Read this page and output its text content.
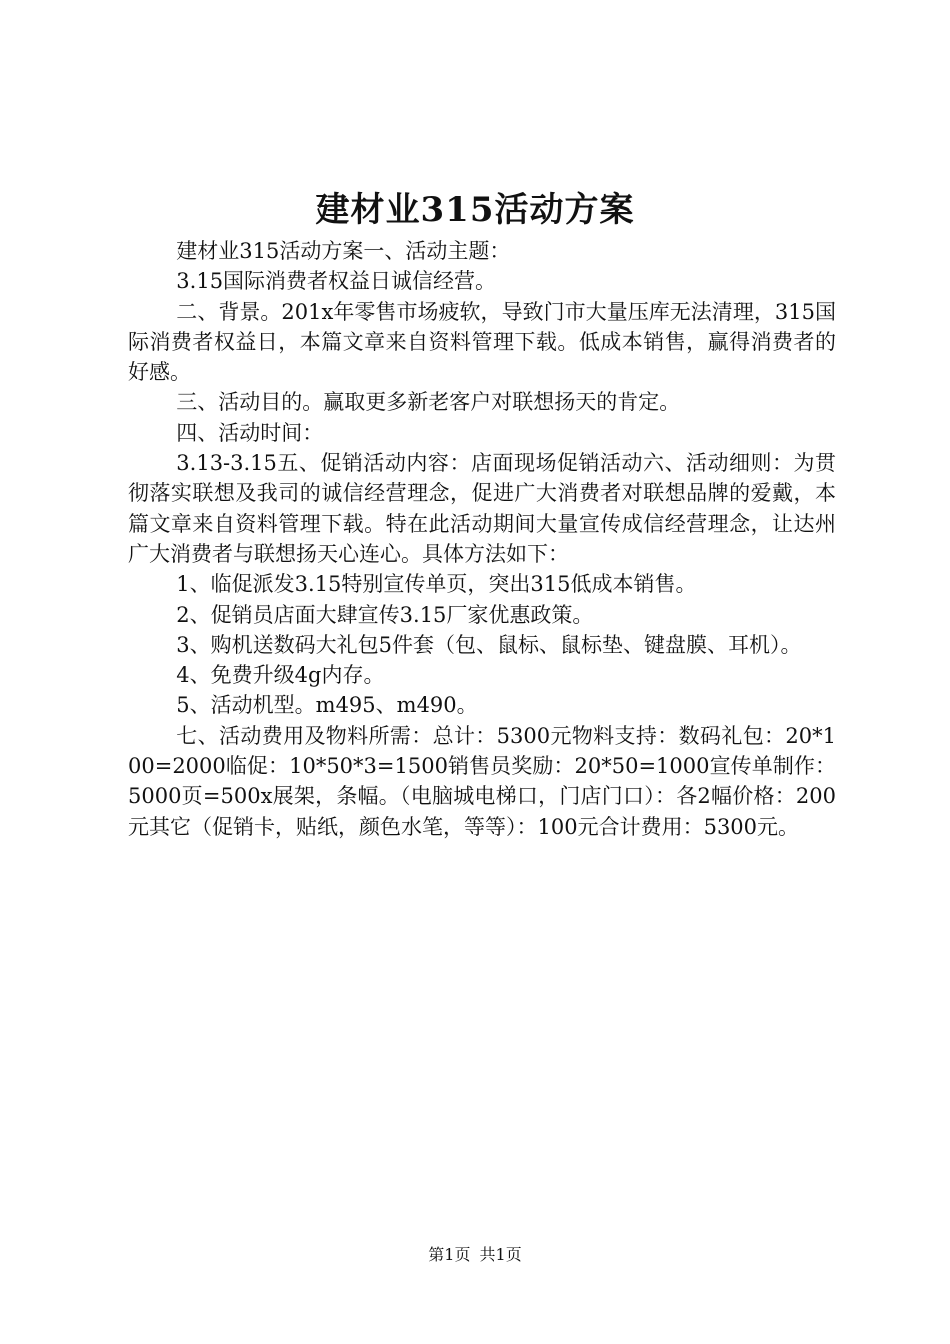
建材业315活动方案

建材业315活动方案一、活动主题：

3.15国际消费者权益日诚信经营。

二、背景。201x年零售市场疲软，导致门市大量压库无法清理，315国际消费者权益日，本篇文章来自资料管理下载。低成本销售，赢得消费者的好感。

三、活动目的。赢取更多新老客户对联想扬天的肯定。

四、活动时间：

3.13-3.15五、促销活动内容：店面现场促销活动六、活动细则：为贯彻落实联想及我司的诚信经营理念，促进广大消费者对联想品牌的爱戴，本篇文章来自资料管理下载。特在此活动期间大量宣传成信经营理念，让达州广大消费者与联想扬天心连心。具体方法如下：

1、临促派发3.15特别宣传单页，突出315低成本销售。

2、促销员店面大肆宣传3.15厂家优惠政策。

3、购机送数码大礼包5件套（包、鼠标、鼠标垫、键盘膜、耳机）。

4、免费升级4g内存。

5、活动机型。m495、m490。

七、活动费用及物料所需：总计：5300元物料支持：数码礼包：20*100=2000临促：10*50*3=1500销售员奖励：20*50=1000宣传单制作：5000页=500x展架，条幅。（电脑城电梯口，门店门口）：各2幅价格：200元其它（促销卡，贴纸，颜色水笔，等等）：100元合计费用：5300元。

第1页 共1页
